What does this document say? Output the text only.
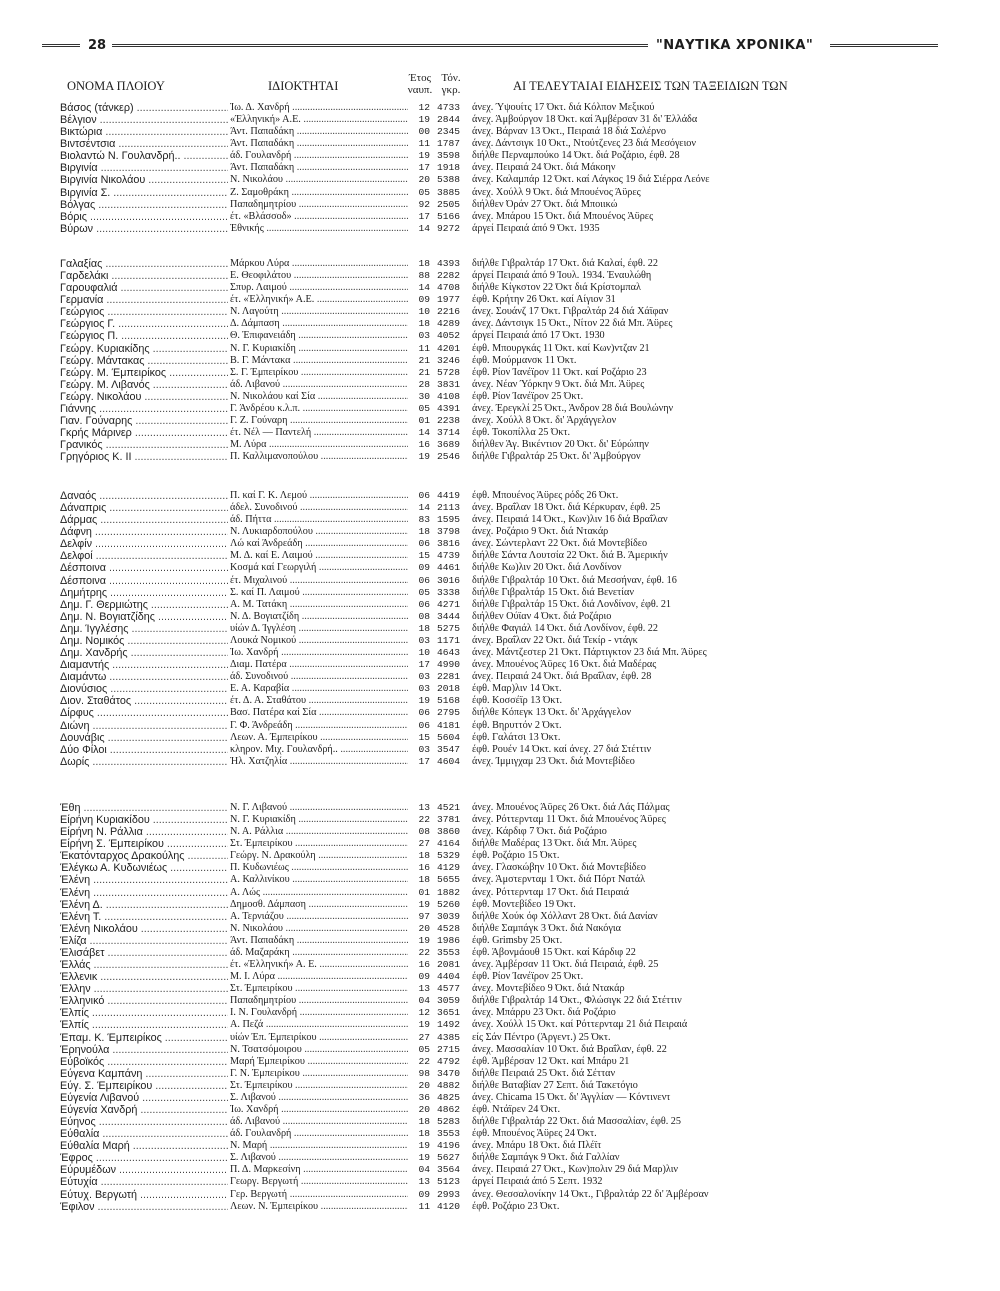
28	"ΝΑΥΤΙΚΑ ΧΡΟΝΙΚΑ"
ΟΝΟΜΑ ΠΛΟΙΟΥ	ΙΔΙΟΚΤΗΤΑΙ
Έτος
ναυπ.
Τόν.
γκρ.	ΑΙ ΤΕΛΕΥΤΑΙΑΙ ΕΙΔΗΣΕΙΣ ΤΩΝ ΤΑΞΕΙΔΙΩΝ ΤΩΝ
Βάσος (τάνκερ) .....	Ίω. Δ. Χανδρή .....	12 4733 άνεχ. Ύψουίτς 17 Όκτ. διά Κόλπον Μεξικού
Βέλγιον .....	«Έλληνική» Α.Ε. .....	19 2844 άνεχ. Άμβούργον 18 Όκτ. καί Άμβέρσαν 31 δι' Έλλάδα
Βικτώρια .....	Άντ. Παπαδάκη .....	00 2345 άνεχ. Βάρναν 13 Όκτ., Πειραιά 18 διά Σαλέρνο
Βιντσέντσια .....	Άντ. Παπαδάκη .....	11 1787 άνεχ. Δάντσιγκ 10 Όκτ., Ντούτζενες 23 διά Μεσόγειον
Βιολαντώ Ν. Γουλανδρή.. .....	άδ. Γουλανδρή .....	19 3598 διήλθε Περναμπούκο 14 Όκτ. διά Ροζάριο, έφθ. 28
Βιργινία .....	Άντ. Παπαδάκη .....	17 1918 άνεχ. Πειραιά 24 Όκτ. διά Μάκοην
Βιργινία Νικολάου .....	Ν. Νικολάου .....	20 5388 άνεχ. Καλαμπάρ 12 Όκτ. καί Λάγκος 19 διά Σιέρρα Λεόνε
Βιργινία Σ. .....	Ζ. Σαμοθράκη .....	05 3885 άνεχ. Χούλλ 9 Όκτ. διά Μπουένος Άϋρες
Βόλγας .....	Παπαδημητρίου .....	92 2505 διήλθεν Όράν 27 Όκτ. διά Μποιικώ
Βόρις .....	έτ. «Βλάσσοδ» .....	17 5166 άνεχ. Μπάρου 15 Όκτ. διά Μπουένος Άϋρες
Βύρων .....	Έθνικής .....	14 9272 άργεί Πειραιά άπό 9 Όκτ. 1935
Γαλαξίας .....	Μάρκου Λύρα .....	18 4393 διήλθε Γιβραλτάρ 17 Όκτ. διά Καλαί, έφθ. 22
Γαρδελάκι .....	Ε. Θεοφιλάτου .....	88 2282 άργεί Πειραιά άπό 9 Ίουλ. 1934. Έναυλώθη
Γαρουφαλιά .....	Σπυρ. Λαιμού .....	14 4708 διήλθε Κίγκστον 22 Όκτ διά Κρίστομπαλ
Γερμανία .....	έτ. «Έλληνική» Α.Ε. .....	09 1977 έφθ. Κρήτην 26 Όκτ. καί Αίγιον 31
Γεώργιος .....	Ν. Λαγούτη .....	10 2216 άνεχ. Σουάνζ 17 Όκτ. Γιβραλτάρ 24 διά Χάϊφαν
Γεώργιος Γ. .....	Δ. Δάμπαση .....	18 4289 άνεχ. Δάντσιγκ 15 Όκτ., Νίτον 22 διά Μπ. Άϋρες
Γεώργιος Π. .....	Θ. Έπιφανειάδη .....	03 4052 άργεί Πειραιά άπό 17 Όκτ. 1930
Γεώργ. Κυριακίδης .....	Ν. Γ. Κυριακίδη .....	11 4201 έφθ. Μπουργκάς 11 Όκτ. καί Κων)ντζαν 21
Γεώργ. Μάντακας .....	Β. Γ. Μάντακα .....	21 3246 έφθ. Μούρμανσκ 11 Όκτ.
Γεώργ. Μ. Έμπειρίκος .....	Σ. Γ. Έμπειρίκου .....	21 5728 έφθ. Ρίον Ίανέϊρον 11 Όκτ. καί Ροζάριο 23
Γεώργ. Μ. Λιβανός .....	άδ. Λιβανού .....	28 3831 άνεχ. Νέαν Ύόρκην 9 Όκτ. διά Μπ. Άϋρες
Γεώργ. Νικολάου .....	Ν. Νικολάου καί Σία .....	30 4108 έφθ. Ρίον Ίανέϊρον 25 Όκτ.
Γιάννης .....	Γ. Άνδρέου κ.λ.π. .....	05 4391 άνεχ. Έρεγκλί 25 Όκτ., Άνδρον 28 διά Βουλώνην
Γιαν. Γούναρης .....	Γ. Ζ. Γούναρη .....	01 2238 άνεχ. Χούλλ 8 Όκτ. δι' Άρχάγγελον
Γκρής Μάρινερ .....	έτ. Νέλ — Παντελή .....	14 3714 έφθ. Τοκοπίλλα 25 Όκτ.
Γρανικός .....	Μ. Λύρα .....	16 3689 διήλθεν Άγ. Βικέντιον 20 Όκτ. δι' Εύρώπην
Γρηγόριος Κ. ΙΙ .....	Π. Καλλιμανοπούλου .....	19 2546 διήλθε Γιβραλτάρ 25 Όκτ. δι' Άμβούργον
Δαναός .....	Π. καί Γ. Κ. Λεμού .....	06 4419 έφθ. Μπουένος Άϋρες ρόδς 26 Όκτ.
Δάναπρις .....	άδελ. Συνοδινού .....	14 2113 άνεχ. Βραΐλαν 18 Όκτ. διά Κέρκυραν, έφθ. 25
Δάρμας .....	άδ. Πήττα .....	83 1595 άνεχ. Πειραιά 14 Όκτ., Κων)λιν 16 διά Βραΐλαν
Δάφνη .....	Ν. Λυκιαρδοπούλου .....	18 3798 άνεχ. Ροζάριο 9 Όκτ. διά Ντακάρ
Δελφίν .....	Λώ καί Άνδρεάδη .....	06 3816 άνεχ. Σώντερλαντ 22 Όκτ. διά Μοντεβίδεο
Δελφοί .....	Μ. Δ. καί Ε. Λαιμού .....	15 4739 διήλθε Σάντα Λουτσία 22 Όκτ. διά Β. Άμερικήν
Δέσποινα .....	Κοσμά καί Γεωργιλή .....	09 4461 διήλθε Κω)λιν 20 Όκτ. διά Λονδίνον
Δέσποινα .....	έτ. Μιχαλινού .....	06 3016 διήλθε Γιβραλτάρ 10 Όκτ. διά Μεσσήναν, έφθ. 16
Δημήτρης .....	Σ. καί Π. Λαιμού .....	05 3338 διήλθε Γιβραλτάρ 15 Όκτ. διά Βενετίαν
Δημ. Γ. Θερμιώτης .....	Α. Μ. Τατάκη .....	06 4271 διήλθε Γιβραλτάρ 15 Όκτ. διά Λονδίνον, έφθ. 21
Δημ. Ν. Βογιατζίδης .....	Ν. Δ. Βογιατζίδη .....	08 3444 διήλθεν Ούϊαν 4 Όκτ. διά Ροζάριο
Δημ. Ίγγλέσης .....	υίών Δ. Ίγγλέση .....	18 5275 διήλθε Φαγιάλ 14 Όκτ. διά Λονδίνον, έφθ. 22
Δημ. Νομικός .....	Λουκά Νομικού .....	03 1171 άνεχ. Βραΐλαν 22 Όκτ. διά Τεκίρ - ντάγκ
Δημ. Χανδρής .....	Ίω. Χανδρή .....	10 4643 άνεχ. Μάντζεστερ 21 Όκτ. Πάρτιγκτον 23 διά Μπ. Άϋρες
Διαμαντής .....	Διαμ. Πατέρα .....	17 4990 άνεχ. Μπουένος Άϋρες 16 Όκτ. διά Μαδέρας
Διαμάντω .....	άδ. Συνοδινού .....	03 2281 άνεχ. Πειραιά 24 Όκτ. διά Βραΐλαν, έφθ. 28
Διονύσιος .....	Ε. Α. Καραβία .....	03 2018 έφθ. Μαρ)λιν 14 Όκτ.
Διον. Σταθάτος .....	έτ. Δ. Α. Σταθάτου .....	19 5168 έφθ. Κοσσέϊρ 13 Όκτ.
Δίρφυς .....	Βασ. Πατέρα καί Σία .....	06 2795 διήλθε Κόπεγκ 13 Όκτ. δι' Άρχάγγελον
Διώνη .....	Γ. Φ. Άνδρεάδη .....	06 4181 έφθ. Βηρυττόν 2 Όκτ.
Δουνάβις .....	Λεων. Α. Έμπειρίκου .....	15 5604 έφθ. Γαλάτσι 13 Όκτ.
Δύο Φίλοι .....	κληρον. Μιχ. Γουλανδρή.. .....	03 3547 έφθ. Ρουέν 14 Όκτ. καί άνεχ. 27 διά Στέττιν
Δωρίς .....	Ήλ. Χατζηλία .....	17 4604 άνεχ. Ίμμιγχαμ 23 Όκτ. διά Μοντεβίδεο
Έθη .....	Ν. Γ. Λιβανού .....	13 4521 άνεχ. Μπουένος Άϋρες 26 Όκτ. διά Λάς Πάλμας
Είρήνη Κυριακίδου .....	Ν. Γ. Κυριακίδη .....	22 3781 άνεχ. Ρόττερνταμ 11 Όκτ. διά Μπουένος Άϋρες
Είρήνη Ν. Ράλλια .....	Ν. Α. Ράλλια .....	08 3860 άνεχ. Κάρδιφ 7 Όκτ. διά Ροζάριο
Είρήνη Σ. Έμπειρίκου .....	Στ. Έμπειρίκου .....	27 4164 διήλθε Μαδέρας 13 Όκτ. διά Μπ. Άϋρες
Έκατόνταρχος Δρακούλης .....	Γεώργ. Ν. Δρακούλη .....	18 5329 έφθ. Ροζάριο 15 Όκτ.
Έλέγκω Α. Κυδωνιέως .....	Π. Κυδωνιέως .....	16 4129 άνεχ. Γλασκώβην 10 Όκτ. διά Μοντεβίδεο
Έλένη .....	Α. Καλλινίκου .....	18 5655 άνεχ. Άμστερνταμ 1 Όκτ. διά Πόρτ Νατάλ
Έλένη .....	Α. Λώς .....	01 1882 άνεχ. Ρόττερνταμ 17 Όκτ. διά Πειραιά
Έλένη Δ. .....	Δημοσθ. Δάμπαση .....	19 5260 έφθ. Μοντεβίδεο 19 Όκτ.
Έλένη Τ. .....	Α. Τερνιάζου .....	97 3039 διήλθε Χούκ όφ Χόλλαντ 28 Όκτ. διά Δανίαν
Έλένη Νικολάου .....	Ν. Νικολάου .....	20 4528 διήλθε Σαμπάγκ 3 Όκτ. διά Νακόγια
Έλίζα .....	Άντ. Παπαδάκη .....	19 1986 έφθ. Grimsby 25 Όκτ.
Έλισάβετ .....	άδ. Μαζαράκη .....	22 3553 έφθ. Άβονμάουθ 15 Όκτ. καί Κάρδιφ 22
Έλλάς .....	έτ. «Έλληνική» Α. Ε. .....	16 2081 άνεχ. Άμβέρσαν 11 Όκτ. διά Πειραιά, έφθ. 25
Έλλενικ .....	Μ. Ι. Λύρα .....	09 4404 έφθ. Ρίον Ίανέϊρον 25 Όκτ.
Έλλην .....	Στ. Έμπειρίκου .....	13 4577 άνεχ. Μοντεβίδεο 9 Όκτ. διά Ντακάρ
Έλληνικό .....	Παπαδημητρίου .....	04 3059 διήλθε Γιβραλτάρ 14 Όκτ., Φλώσιγκ 22 διά Στέττιν
Έλπίς .....	Ι. Ν. Γουλανδρή .....	12 3651 άνεχ. Μπάρρυ 23 Όκτ. διά Ροζάριο
Έλπίς .....	Α. Πεζά .....	19 1492 άνεχ. Χούλλ 15 Όκτ. καί Ρόττερνταμ 21 διά Πειραιά
Έπαμ. Κ. Έμπειρίκος .....	υίών Έπ. Έμπειρίκου .....	27 4385 είς Σάν Πέντρο (Άργεντ.) 25 Όκτ.
Έρηνούλα .....	Ν. Τσατσόμοιρου .....	05 2715 άνεχ. Μασσαλίαν 10 Όκτ. διά Βραΐλαν, έφθ. 22
Εύβοϊκός .....	Μαρή Έμπειρίκου .....	22 4792 έφθ. Άμβέρσαν 12 Όκτ. καί Μπάρυ 21
Εύγενα Καμπάνη .....	Γ. Ν. Έμπειρίκου .....	98 3470 διήλθε Πειραιά 25 Όκτ. διά Σέτταν
Εύγ. Σ. Έμπειρίκου .....	Στ. Έμπειρίκου .....	20 4882 διήλθε Βαταβίαν 27 Σεπτ. διά Τακετόγιο
Εύγενία Λιβανού .....	Σ. Λιβανού .....	36 4825 άνεχ. Chicama 15 Όκτ. δι' Άγγλίαν — Κόντινεντ
Εύγενία Χανδρή .....	Ίω. Χανδρή .....	20 4862 έφθ. Ντάϊρεν 24 Όκτ.
Εύηνος .....	άδ. Λιβανού .....	18 5283 διήλθε Γιβραλτάρ 22 Όκτ. διά Μασσαλίαν, έφθ. 25
Εύθαλία .....	άδ. Γουλανδρή .....	18 3553 έφθ. Μπουένος Άϋρες 24 Όκτ.
Εύθαλία Μαρή .....	Ν. Μαρή .....	19 4196 άνεχ. Μπάρυ 18 Όκτ. διά Πλέϊτ
Έφρος .....	Σ. Λιβανού .....	19 5627 διήλθε Σαμπάγκ 9 Όκτ. διά Γαλλίαν
Εύρυμέδων .....	Π. Δ. Μαρκεσίνη .....	04 3564 άνεχ. Πειραιά 27 Όκτ., Κων)πολιν 29 διά Μαρ)λιν
Εύτυχία .....	Γεωργ. Βεργωτή .....	13 5123 άργεί Πειραιά άπό 5 Σεπτ. 1932
Εύτυχ. Βεργωτή .....	Γερ. Βεργωτή .....	09 2993 άνεχ. Θεσσαλονίκην 14 Όκτ., Γιβραλτάρ 22 δι' Άμβέρσαν
Έφιλον .....	Λεων. Ν. Έμπειρίκου .....	11 4120 έφθ. Ροζάριο 23 Όκτ.
